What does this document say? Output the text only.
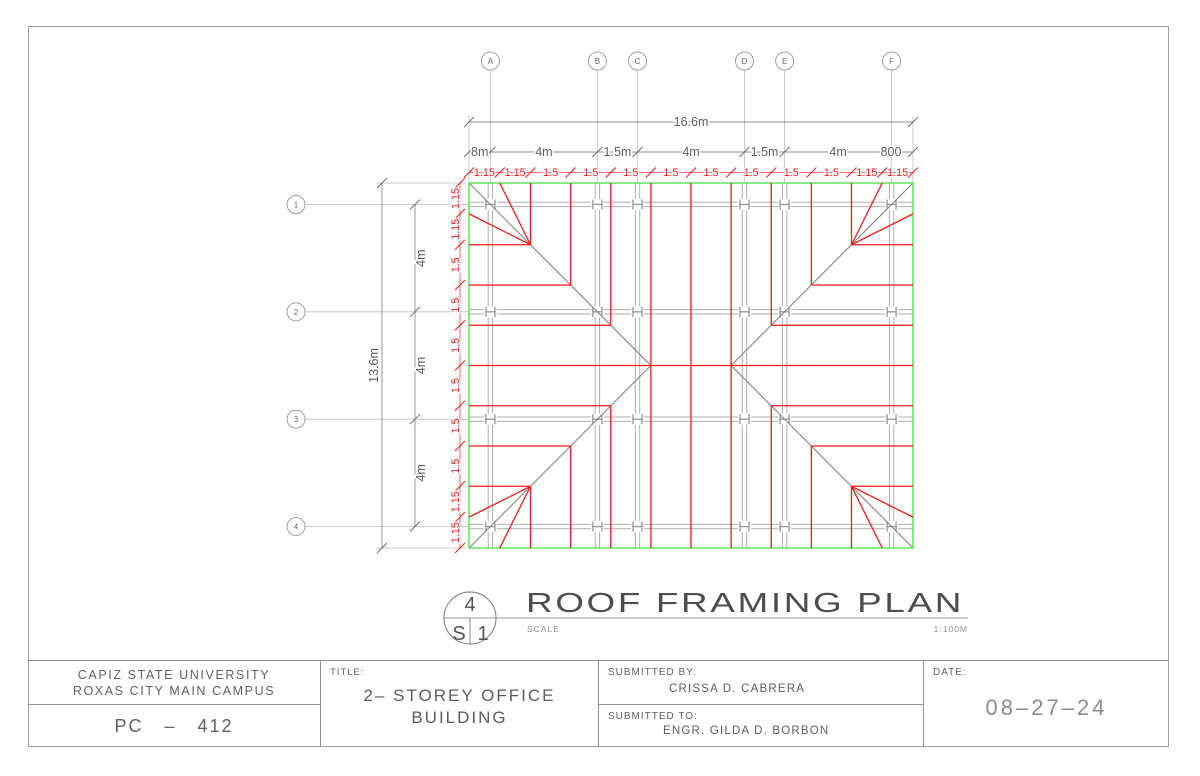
16.6m
8m	4m	1.5m	4m	1.5m	4m	800
1.15 1.15 1.5 1.5 1.5 1.5 1.5 1.5 1.5 1.5 1.15 1.15
13.6m
4m
4m
4m
1.15
1.15
1.5
1.5
1.5
1.5
1.5
1.5
1.15
1.15
A	B	C	D	E	F
1
2
3
4
4
S 1
ROOF FRAMING PLAN
SCALE	1:100M
CAPIZ STATE UNIVERSITY
ROXAS CITY MAIN CAMPUS
PC – 412
TITLE:
2– STOREY OFFICE
BUILDING
SUBMITTED BY:
CRISSA D. CABRERA
SUBMITTED TO:
ENGR. GILDA D. BORBON
DATE:
08–27–24
